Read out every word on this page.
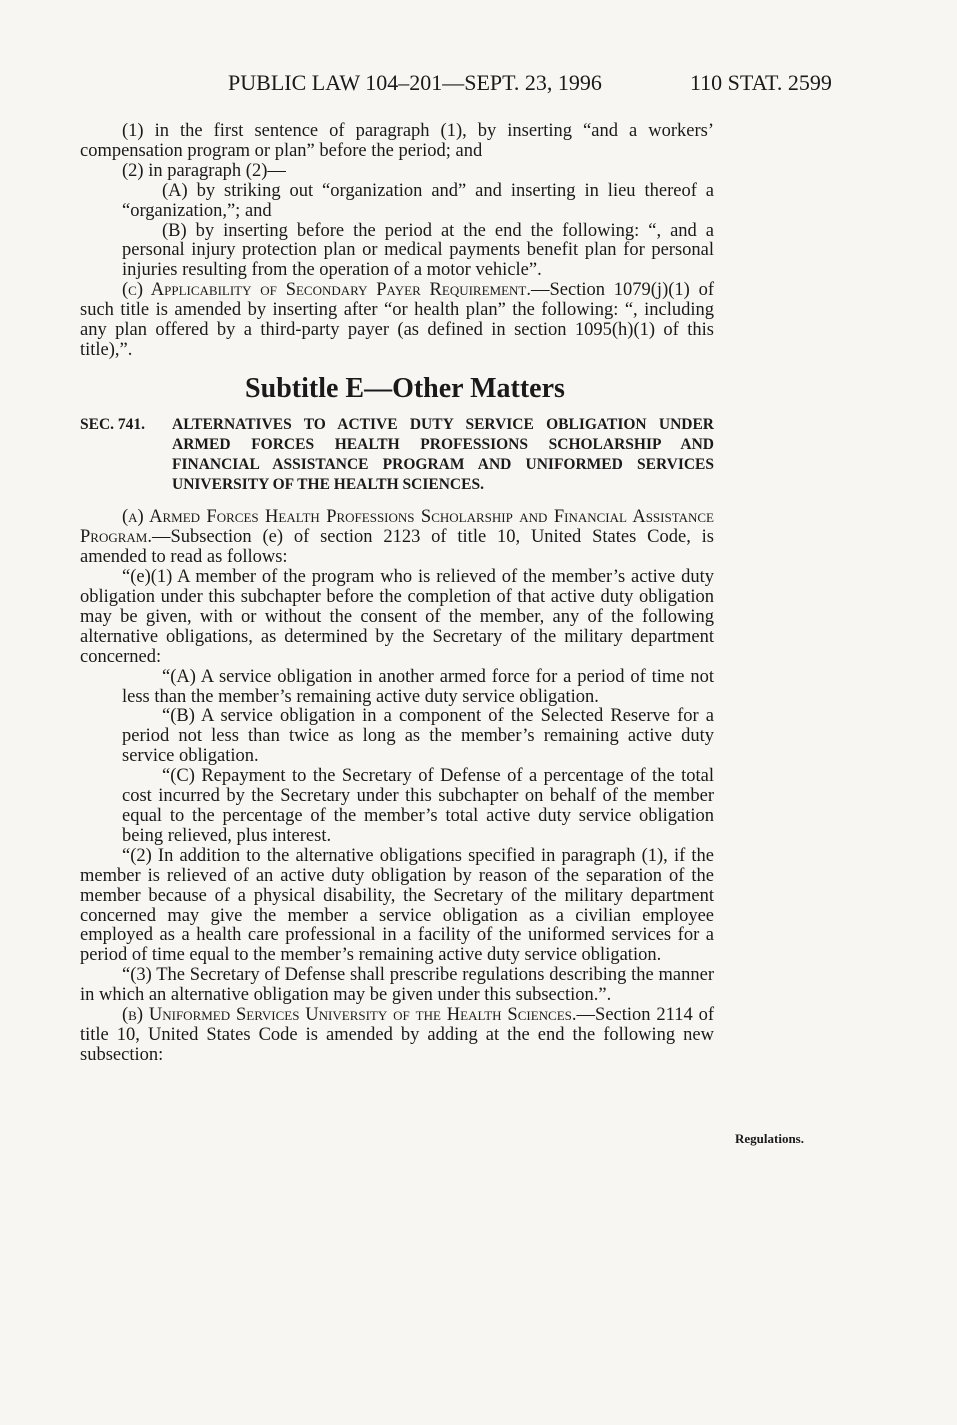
PUBLIC LAW 104–201—SEPT. 23, 1996	110 STAT. 2599

(1) in the first sentence of paragraph (1), by inserting “and a workers’ compensation program or plan” before the period; and

(2) in paragraph (2)—

(A) by striking out “organization and” and inserting in lieu thereof a “organization,”; and

(B) by inserting before the period at the end the following: “, and a personal injury protection plan or medical payments benefit plan for personal injuries resulting from the operation of a motor vehicle”.

(c) Applicability of Secondary Payer Requirement.—Section 1079(j)(1) of such title is amended by inserting after “or health plan” the following: “, including any plan offered by a third-party payer (as defined in section 1095(h)(1) of this title),”.

Subtitle E—Other Matters
SEC. 741.	ALTERNATIVES TO ACTIVE DUTY SERVICE OBLIGATION UNDER ARMED FORCES HEALTH PROFESSIONS SCHOLARSHIP AND FINANCIAL ASSISTANCE PROGRAM AND UNIFORMED SERVICES UNIVERSITY OF THE HEALTH SCIENCES.

(a) Armed Forces Health Professions Scholarship and Financial Assistance Program.—Subsection (e) of section 2123 of title 10, United States Code, is amended to read as follows:

“(e)(1) A member of the program who is relieved of the member’s active duty obligation under this subchapter before the completion of that active duty obligation may be given, with or without the consent of the member, any of the following alternative obligations, as determined by the Secretary of the military department concerned:

“(A) A service obligation in another armed force for a period of time not less than the member’s remaining active duty service obligation.

“(B) A service obligation in a component of the Selected Reserve for a period not less than twice as long as the member’s remaining active duty service obligation.

“(C) Repayment to the Secretary of Defense of a percentage of the total cost incurred by the Secretary under this subchapter on behalf of the member equal to the percentage of the member’s total active duty service obligation being relieved, plus interest.

“(2) In addition to the alternative obligations specified in paragraph (1), if the member is relieved of an active duty obligation by reason of the separation of the member because of a physical disability, the Secretary of the military department concerned may give the member a service obligation as a civilian employee employed as a health care professional in a facility of the uniformed services for a period of time equal to the member’s remaining active duty service obligation.

“(3) The Secretary of Defense shall prescribe regulations describing the manner in which an alternative obligation may be given under this subsection.”.

(b) Uniformed Services University of the Health Sciences.—Section 2114 of title 10, United States Code is amended by adding at the end the following new subsection:

Regulations.
